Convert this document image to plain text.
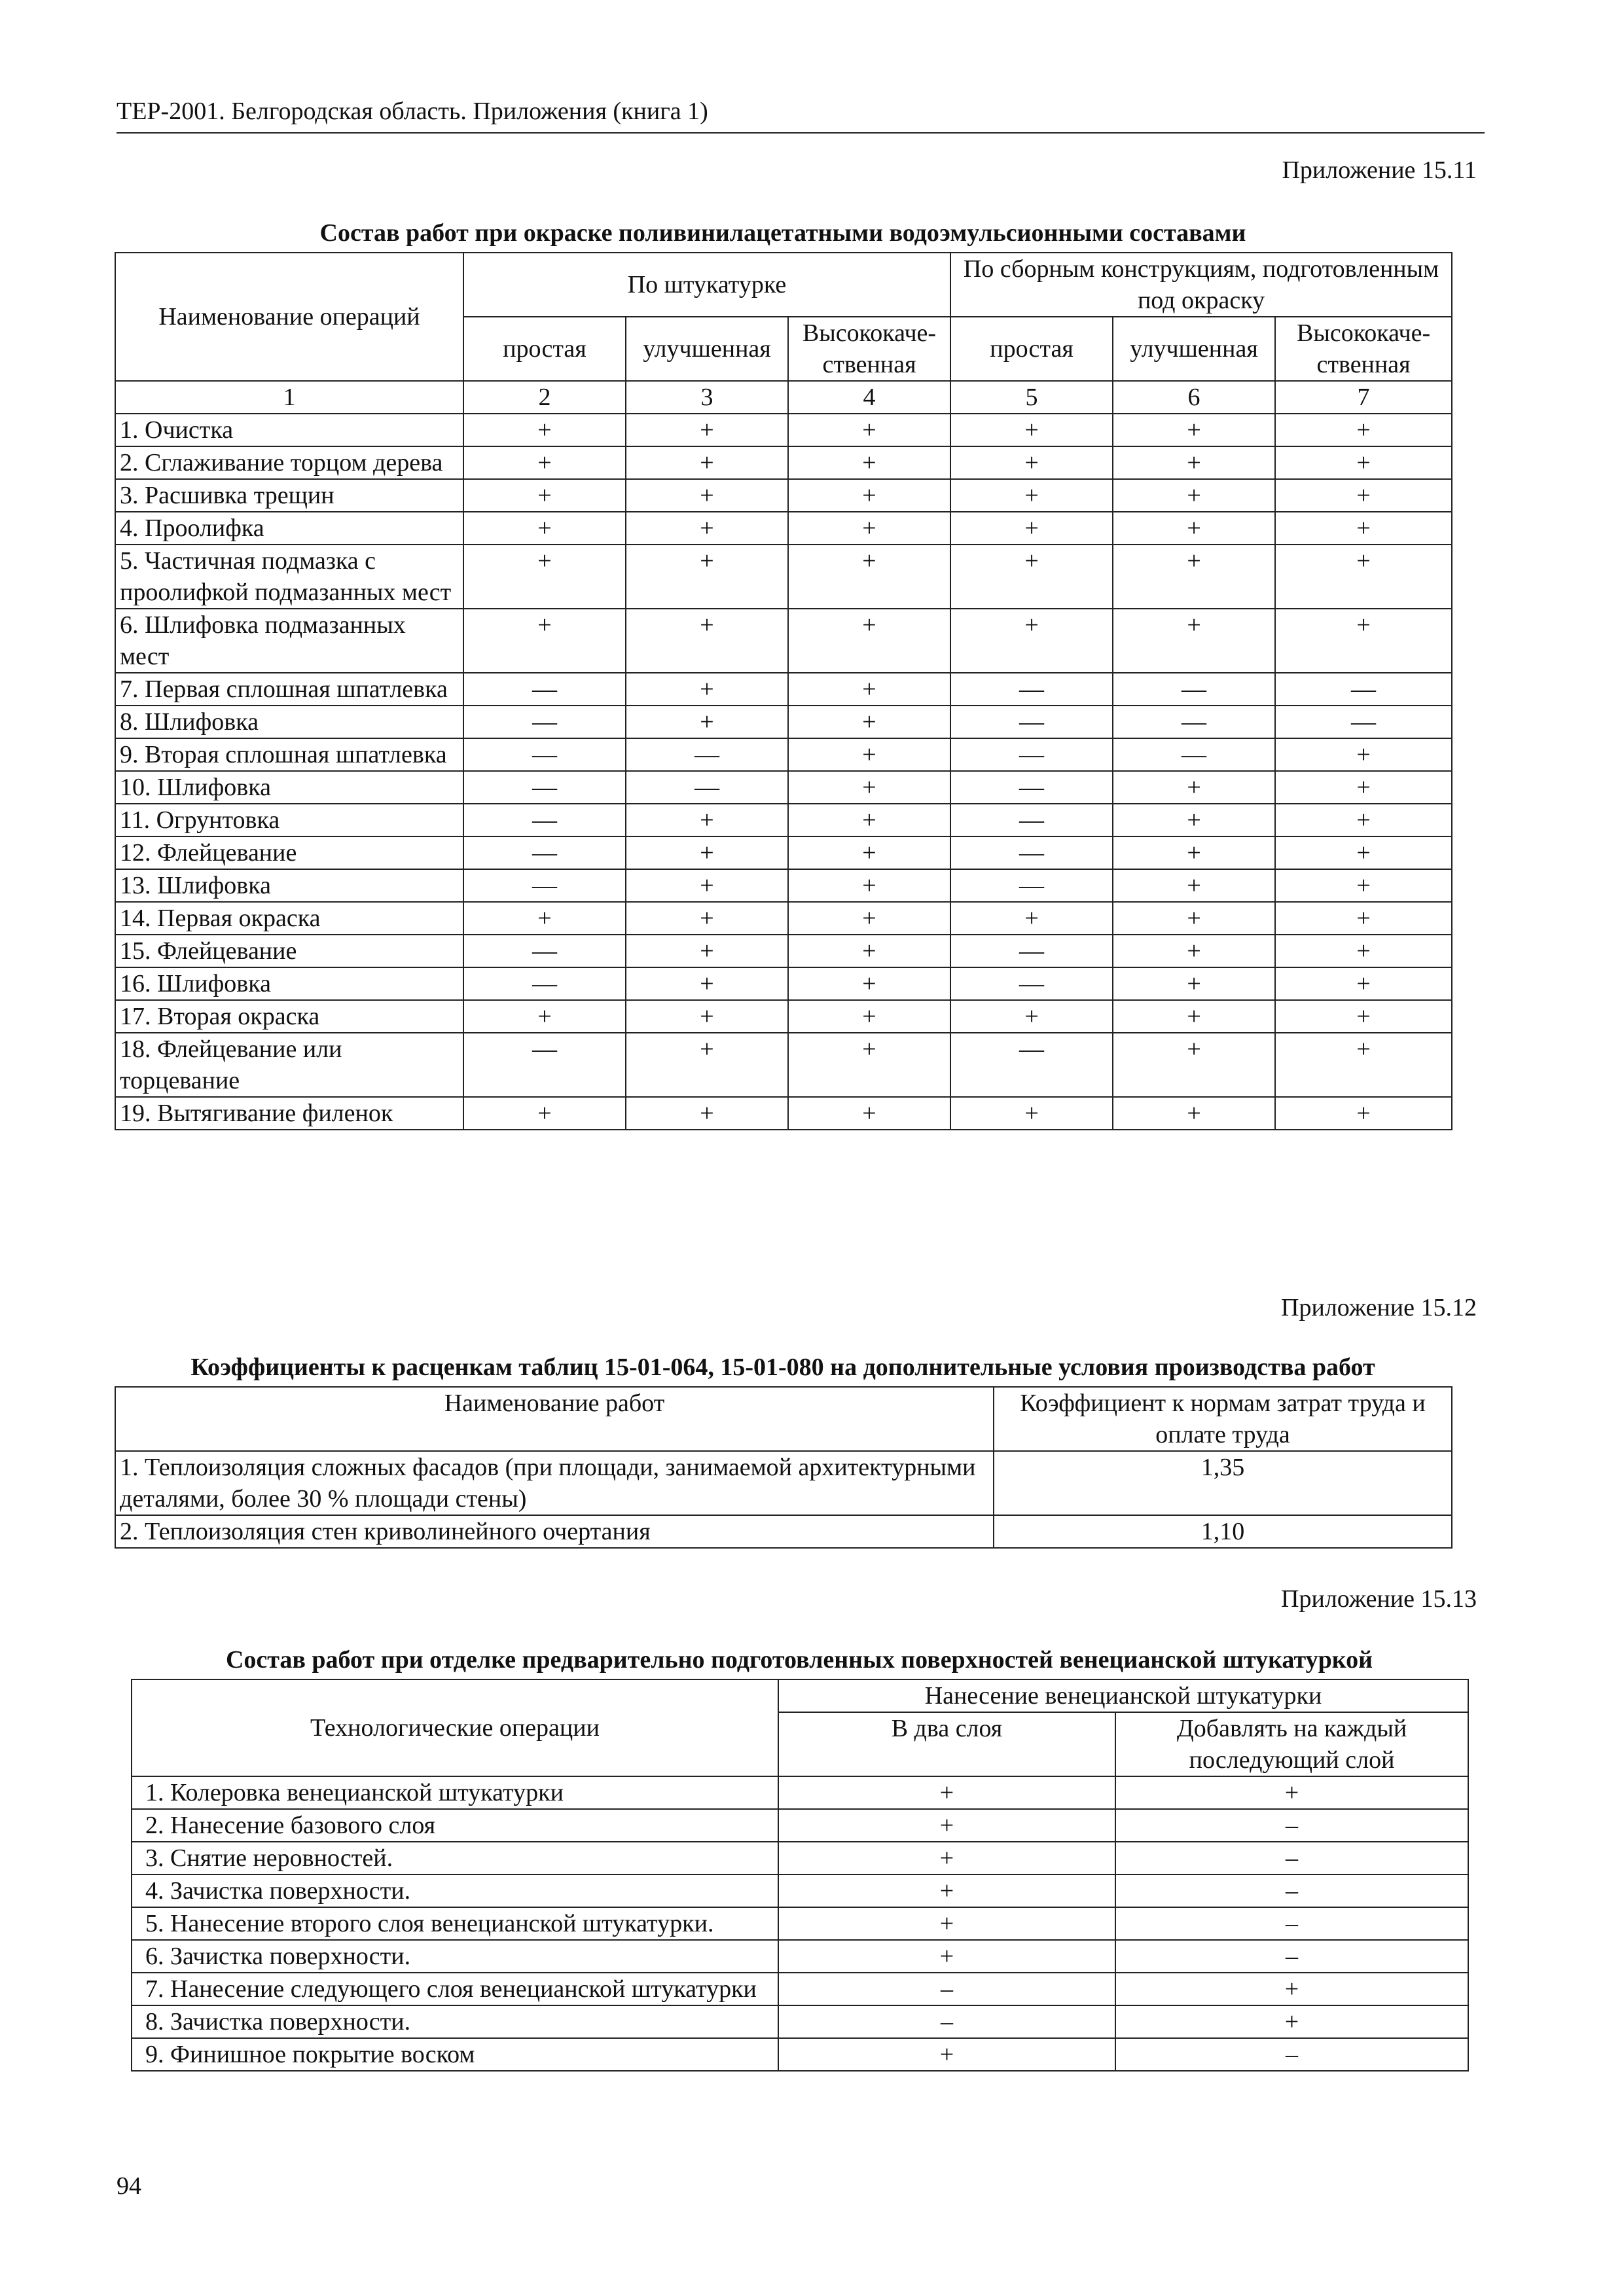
ТЕР-2001. Белгородская область. Приложения (книга 1)
Приложение 15.11
Состав работ при окраске поливинилацетатными водоэмульсионными составами
Наименование операций	По штукатурке			По сборным конструкциям, подготовленным под окраску		
	простая	улучшенная	Высококаче-ственная	простая	улучшенная	Высококаче-ственная
1	2	3	4	5	6	7
1. Очистка	+	+	+	+	+	+
2. Сглаживание торцом дерева	+	+	+	+	+	+
3. Расшивка трещин	+	+	+	+	+	+
4. Проолифка	+	+	+	+	+	+
5. Частичная подмазка с проолифкой подмазанных мест	+	+	+	+	+	+
6. Шлифовка подмазанных мест	+	+	+	+	+	+
7. Первая сплошная шпатлевка	—	+	+	—	—	—
8. Шлифовка	—	+	+	—	—	—
9. Вторая сплошная шпатлевка	—	—	+	—	—	+
10. Шлифовка	—	—	+	—	+	+
11. Огрунтовка	—	+	+	—	+	+
12. Флейцевание	—	+	+	—	+	+
13. Шлифовка	—	+	+	—	+	+
14. Первая окраска	+	+	+	+	+	+
15. Флейцевание	—	+	+	—	+	+
16. Шлифовка	—	+	+	—	+	+
17. Вторая окраска	+	+	+	+	+	+
18. Флейцевание или торцевание	—	+	+	—	+	+
19. Вытягивание филенок	+	+	+	+	+	+
Приложение 15.12
Коэффициенты к расценкам таблиц 15-01-064, 15-01-080 на дополнительные условия производства работ
Наименование работ	Коэффициент к нормам затрат труда и оплате труда
1. Теплоизоляция сложных фасадов (при площади, занимаемой архитектурными деталями, более 30 % площади стены)	1,35
2. Теплоизоляция стен криволинейного очертания	1,10
Приложение 15.13
Состав работ при отделке предварительно подготовленных поверхностей венецианской штукатуркой
Технологические операции	Нанесение венецианской штукатурки	
	В два слоя	Добавлять на каждый последующий слой
1. Колеровка венецианской штукатурки	+	+
2. Нанесение базового слоя	+	–
3. Снятие неровностей.	+	–
4. Зачистка поверхности.	+	–
5. Нанесение второго слоя венецианской штукатурки.	+	–
6. Зачистка поверхности.	+	–
7. Нанесение следующего слоя венецианской штукатурки	–	+
8. Зачистка поверхности.	–	+
9. Финишное покрытие воском	+	–
94
